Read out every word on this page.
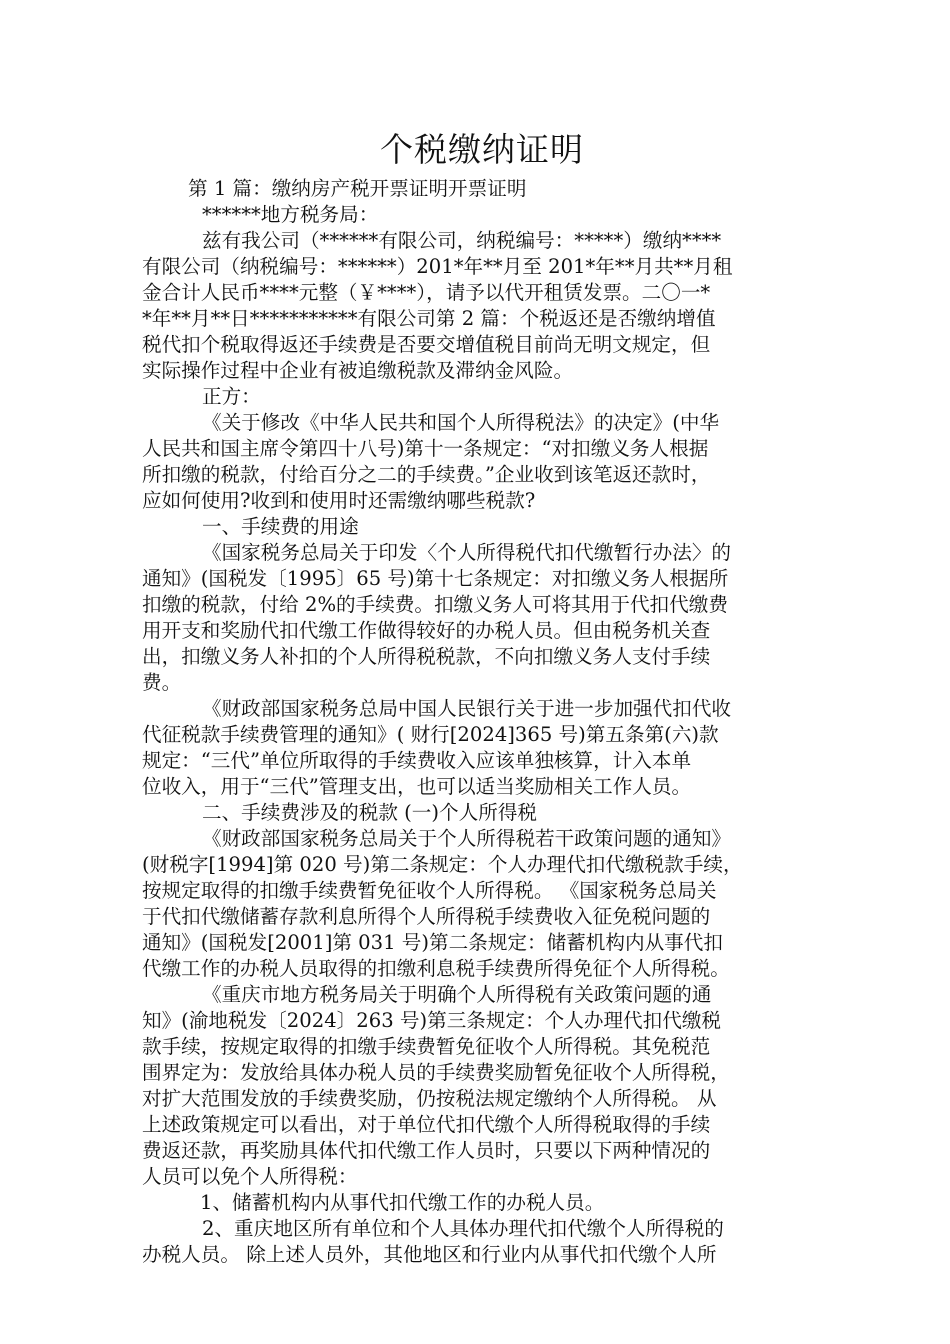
个税缴纳证明

第 1 篇：缴纳房产税开票证明开票证明

******地方税务局：

兹有我公司（******有限公司，纳税编号：*****）缴纳****

有限公司（纳税编号：******）201*年**月至 201*年**月共**月租

金合计人民币****元整（￥****），请予以代开租赁发票。二〇一*

*年**月**日***********有限公司第 2 篇：个税返还是否缴纳增值

税代扣个税取得返还手续费是否要交增值税目前尚无明文规定，但

实际操作过程中企业有被追缴税款及滞纳金风险。

正方：

《关于修改《中华人民共和国个人所得税法》的决定》(中华

人民共和国主席令第四十八号)第十一条规定：“对扣缴义务人根据

所扣缴的税款，付给百分之二的手续费。”企业收到该笔返还款时，

应如何使用?收到和使用时还需缴纳哪些税款?

一、手续费的用途

《国家税务总局关于印发〈个人所得税代扣代缴暂行办法〉的

通知》(国税发〔1995〕65 号)第十七条规定：对扣缴义务人根据所

扣缴的税款，付给 2%的手续费。扣缴义务人可将其用于代扣代缴费

用开支和奖励代扣代缴工作做得较好的办税人员。但由税务机关查

出，扣缴义务人补扣的个人所得税税款，不向扣缴义务人支付手续

费。

《财政部国家税务总局中国人民银行关于进一步加强代扣代收

代征税款手续费管理的通知》( 财行[2024]365 号)第五条第(六)款

规定：“三代”单位所取得的手续费收入应该单独核算，计入本单

位收入，用于“三代”管理支出，也可以适当奖励相关工作人员。

二、手续费涉及的税款 (一)个人所得税

《财政部国家税务总局关于个人所得税若干政策问题的通知》

(财税字[1994]第 020 号)第二条规定：个人办理代扣代缴税款手续，

按规定取得的扣缴手续费暂免征收个人所得税。 《国家税务总局关

于代扣代缴储蓄存款利息所得个人所得税手续费收入征免税问题的

通知》(国税发[2001]第 031 号)第二条规定：储蓄机构内从事代扣

代缴工作的办税人员取得的扣缴利息税手续费所得免征个人所得税。

《重庆市地方税务局关于明确个人所得税有关政策问题的通

知》(渝地税发〔2024〕263 号)第三条规定：个人办理代扣代缴税

款手续，按规定取得的扣缴手续费暂免征收个人所得税。其免税范

围界定为：发放给具体办税人员的手续费奖励暂免征收个人所得税，

对扩大范围发放的手续费奖励，仍按税法规定缴纳个人所得税。 从

上述政策规定可以看出，对于单位代扣代缴个人所得税取得的手续

费返还款，再奖励具体代扣代缴工作人员时，只要以下两种情况的

人员可以免个人所得税：

1、储蓄机构内从事代扣代缴工作的办税人员。

2、重庆地区所有单位和个人具体办理代扣代缴个人所得税的

办税人员。 除上述人员外，其他地区和行业内从事代扣代缴个人所
